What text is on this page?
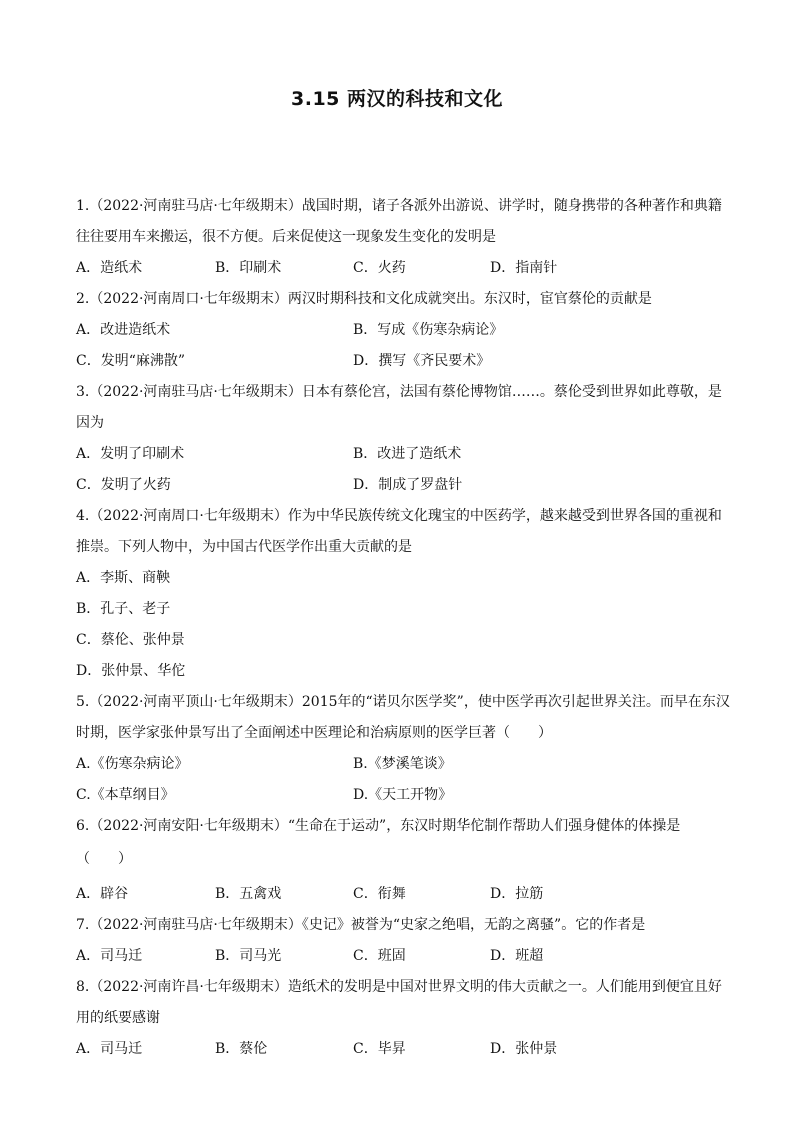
3.15 两汉的科技和文化
1.（2022·河南驻马店·七年级期末）战国时期，诸子各派外出游说、讲学时，随身携带的各种著作和典籍
往往要用车来搬运，很不方便。后来促使这一现象发生变化的发明是
A．造纸术	B．印刷术	C．火药	D．指南针
2.（2022·河南周口·七年级期末）两汉时期科技和文化成就突出。东汉时，宦官蔡伦的贡献是
A．改进造纸术	B．写成《伤寒杂病论》
C．发明“麻沸散”	D．撰写《齐民要术》
3.（2022·河南驻马店·七年级期末）日本有蔡伦宫，法国有蔡伦博物馆……。蔡伦受到世界如此尊敬，是
因为
A．发明了印刷术	B．改进了造纸术
C．发明了火药	D．制成了罗盘针
4.（2022·河南周口·七年级期末）作为中华民族传统文化瑰宝的中医药学，越来越受到世界各国的重视和
推崇。下列人物中，为中国古代医学作出重大贡献的是
A．李斯、商鞅
B．孔子、老子
C．蔡伦、张仲景
D．张仲景、华佗
5.（2022·河南平顶山·七年级期末）2015年的“诺贝尔医学奖”，使中医学再次引起世界关注。而早在东汉
时期，医学家张仲景写出了全面阐述中医理论和治病原则的医学巨著（　　）
A.《伤寒杂病论》	B.《梦溪笔谈》
C.《本草纲目》	D.《天工开物》
6.（2022·河南安阳·七年级期末）“生命在于运动”，东汉时期华佗制作帮助人们强身健体的体操是
（　　）
A．辟谷	B．五禽戏	C．衔舞	D．拉筋
7.（2022·河南驻马店·七年级期末）《史记》被誉为“史家之绝唱，无韵之离骚”。它的作者是
A．司马迁	B．司马光	C．班固	D．班超
8.（2022·河南许昌·七年级期末）造纸术的发明是中国对世界文明的伟大贡献之一。人们能用到便宜且好
用的纸要感谢
A．司马迁	B．蔡伦	C．毕昇	D．张仲景
